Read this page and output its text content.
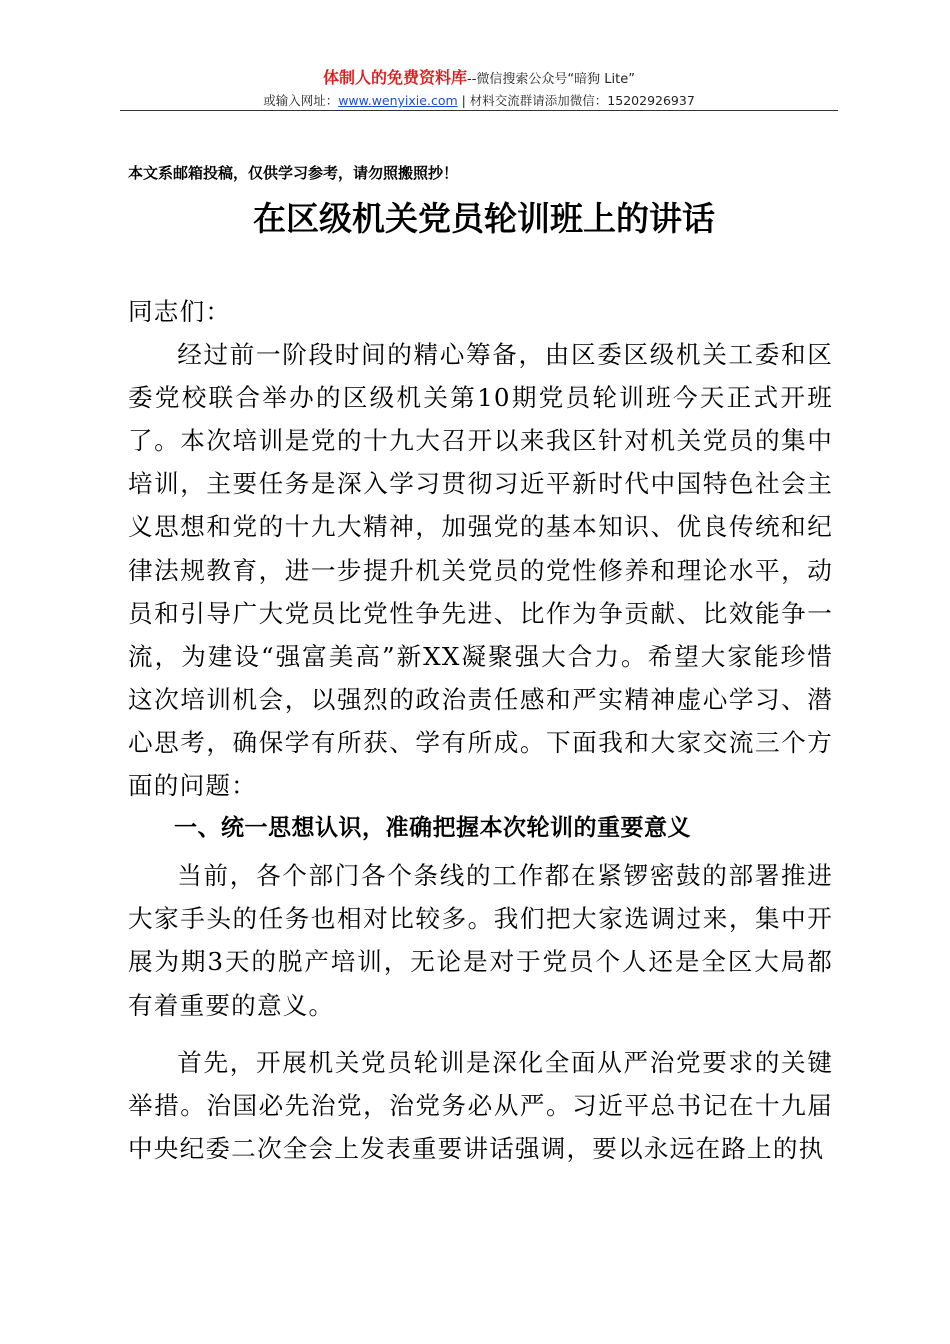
体制人的免费资料库--微信搜索公众号“暗狗 Lite”
或输入网址：www.wenyixie.com | 材料交流群请添加微信：15202926937
本文系邮箱投稿，仅供学习参考，请勿照搬照抄！
在区级机关党员轮训班上的讲话

同志们：

经过前一阶段时间的精心筹备，由区委区级机关工委和区委党校联合举办的区级机关第10期党员轮训班今天正式开班了。本次培训是党的十九大召开以来我区针对机关党员的集中培训，主要任务是深入学习贯彻习近平新时代中国特色社会主义思想和党的十九大精神，加强党的基本知识、优良传统和纪律法规教育，进一步提升机关党员的党性修养和理论水平，动员和引导广大党员比党性争先进、比作为争贡献、比效能争一流，为建设“强富美高”新XX凝聚强大合力。希望大家能珍惜这次培训机会，以强烈的政治责任感和严实精神虚心学习、潜心思考，确保学有所获、学有所成。下面我和大家交流三个方面的问题：

一、统一思想认识，准确把握本次轮训的重要意义

当前，各个部门各个条线的工作都在紧锣密鼓的部署推进大家手头的任务也相对比较多。我们把大家选调过来，集中开展为期3天的脱产培训，无论是对于党员个人还是全区大局都有着重要的意义。

首先，开展机关党员轮训是深化全面从严治党要求的关键举措。治国必先治党，治党务必从严。习近平总书记在十九届中央纪委二次全会上发表重要讲话强调，要以永远在路上的执
